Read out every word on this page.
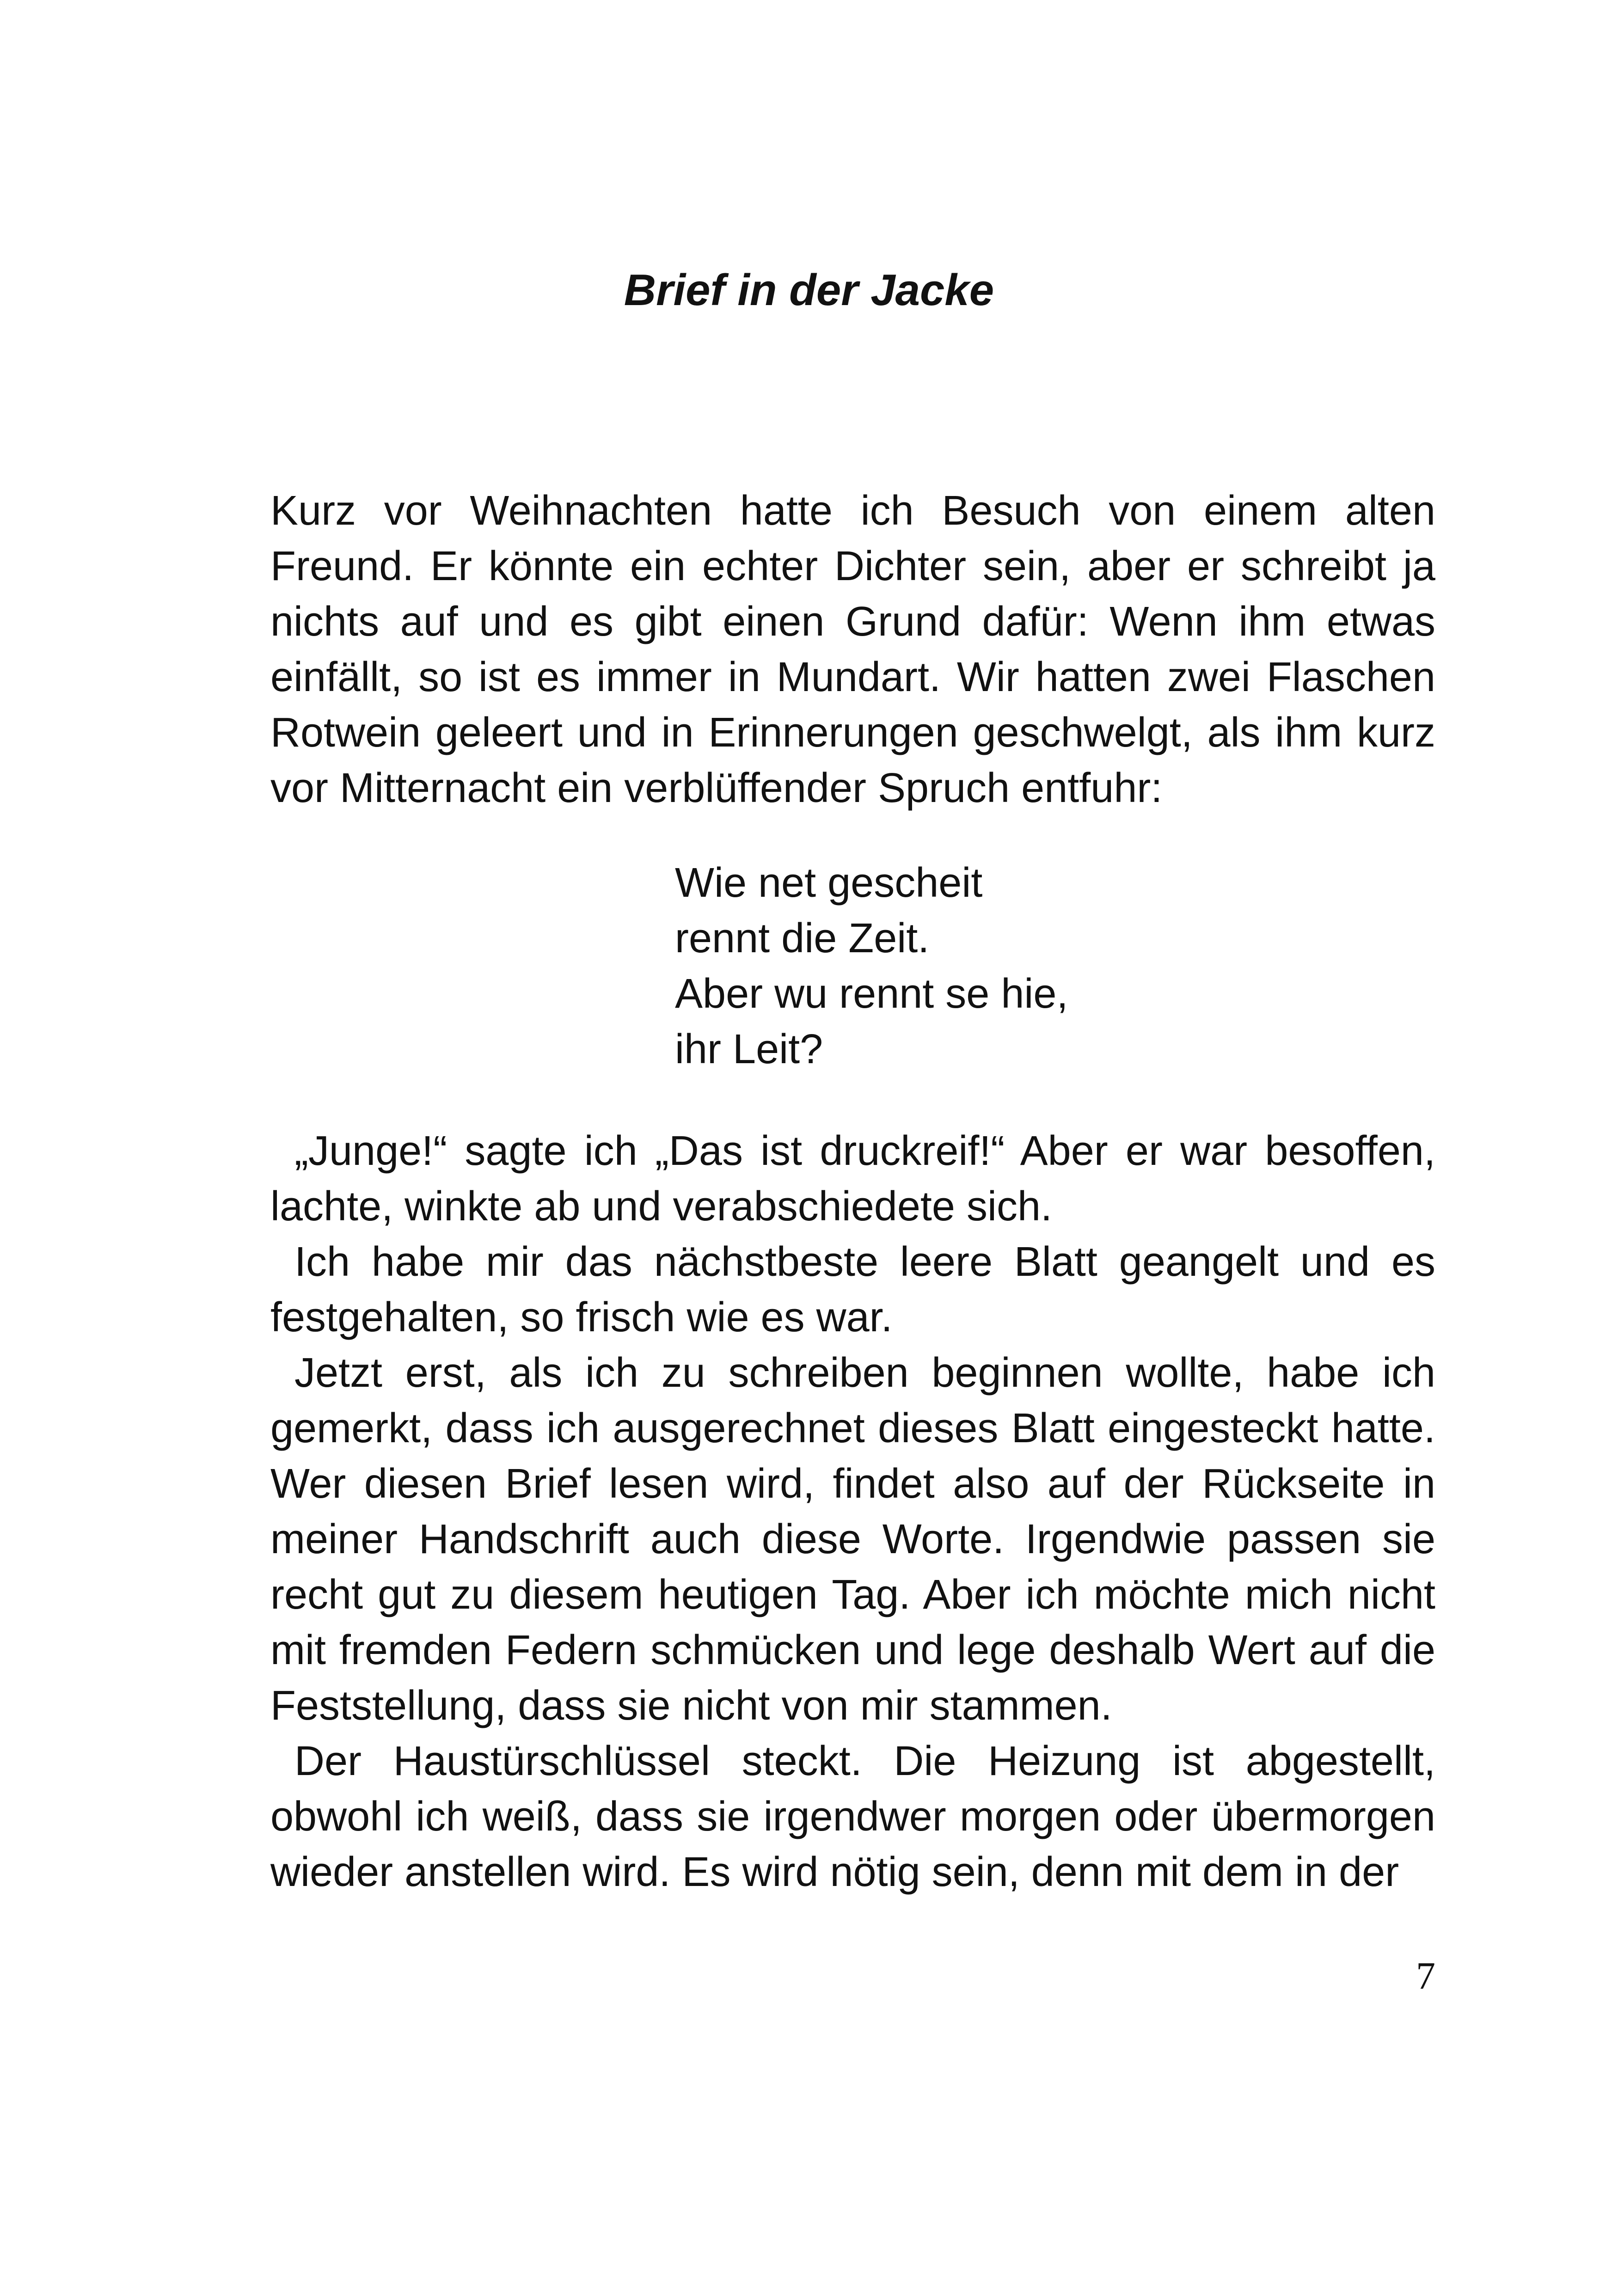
Brief in der Jacke

Kurz vor Weihnachten hatte ich Besuch von einem alten Freund. Er könnte ein echter Dichter sein, aber er schreibt ja nichts auf und es gibt einen Grund dafür: Wenn ihm etwas einfällt, so ist es immer in Mundart. Wir hatten zwei Flaschen Rotwein geleert und in Erinnerungen geschwelgt, als ihm kurz vor Mitternacht ein verblüffender Spruch entfuhr:

Wie net gescheit
rennt die Zeit.
Aber wu rennt se hie,
ihr Leit?

„Junge!“ sagte ich „Das ist druckreif!“ Aber er war besoffen, lachte, winkte ab und verabschiedete sich.

Ich habe mir das nächstbeste leere Blatt geangelt und es festgehalten, so frisch wie es war.

Jetzt erst, als ich zu schreiben beginnen wollte, habe ich gemerkt, dass ich ausgerechnet dieses Blatt eingesteckt hatte. Wer diesen Brief lesen wird, findet also auf der Rückseite in meiner Handschrift auch diese Worte. Irgendwie passen sie recht gut zu diesem heutigen Tag. Aber ich möchte mich nicht mit fremden Federn schmücken und lege deshalb Wert auf die Feststellung, dass sie nicht von mir stammen.

Der Haustürschlüssel steckt. Die Heizung ist abgestellt, obwohl ich weiß, dass sie irgendwer morgen oder übermorgen wieder anstellen wird. Es wird nötig sein, denn mit dem in der

7
